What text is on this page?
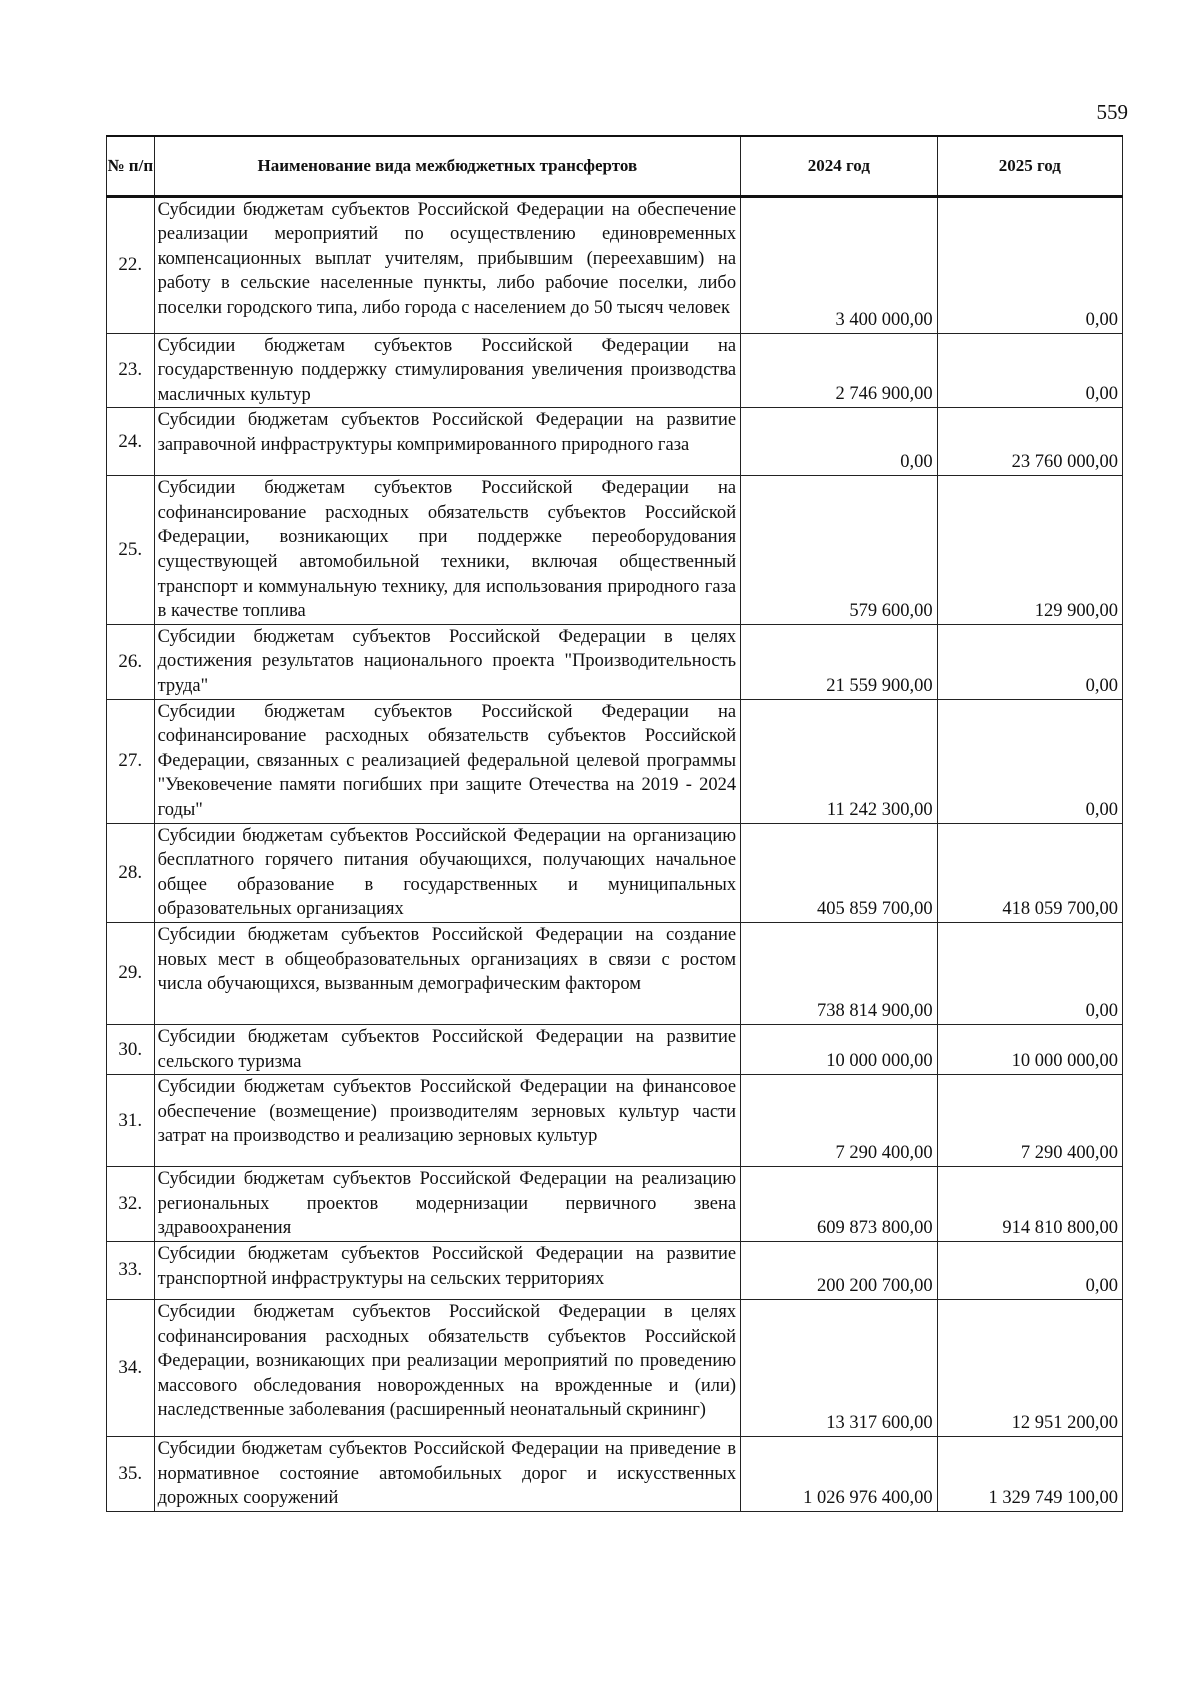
559
№ п/п	Наименование вида межбюджетных трансфертов	2024 год	2025 год
22.	Субсидии бюджетам субъектов Российской Федерации на обеспечение реализации мероприятий по осуществлению единовременных компенсационных выплат учителям, прибывшим (переехавшим) на работу в сельские населенные пункты, либо рабочие поселки, либо поселки городского типа, либо города с населением до 50 тысяч человек	3 400 000,00	0,00
23.	Субсидии бюджетам субъектов Российской Федерации на государственную поддержку стимулирования увеличения производства масличных культур	2 746 900,00	0,00
24.	Субсидии бюджетам субъектов Российской Федерации на развитие заправочной инфраструктуры компримированного природного газа	0,00	23 760 000,00
25.	Субсидии бюджетам субъектов Российской Федерации на софинансирование расходных обязательств субъектов Российской Федерации, возникающих при поддержке переоборудования существующей автомобильной техники, включая общественный транспорт и коммунальную технику, для использования природного газа в качестве топлива	579 600,00	129 900,00
26.	Субсидии бюджетам субъектов Российской Федерации в целях достижения результатов национального проекта "Производительность труда"	21 559 900,00	0,00
27.	Субсидии бюджетам субъектов Российской Федерации на софинансирование расходных обязательств субъектов Российской Федерации, связанных с реализацией федеральной целевой программы "Увековечение памяти погибших при защите Отечества на 2019 - 2024 годы"	11 242 300,00	0,00
28.	Субсидии бюджетам субъектов Российской Федерации на организацию бесплатного горячего питания обучающихся, получающих начальное общее образование в государственных и муниципальных образовательных организациях	405 859 700,00	418 059 700,00
29.	Субсидии бюджетам субъектов Российской Федерации на создание новых мест в общеобразовательных организациях в связи с ростом числа обучающихся, вызванным демографическим фактором	738 814 900,00	0,00
30.	Субсидии бюджетам субъектов Российской Федерации на развитие сельского туризма	10 000 000,00	10 000 000,00
31.	Субсидии бюджетам субъектов Российской Федерации на финансовое обеспечение (возмещение) производителям зерновых культур части затрат на производство и реализацию зерновых культур	7 290 400,00	7 290 400,00
32.	Субсидии бюджетам субъектов Российской Федерации на реализацию региональных проектов модернизации первичного звена здравоохранения	609 873 800,00	914 810 800,00
33.	Субсидии бюджетам субъектов Российской Федерации на развитие транспортной инфраструктуры на сельских территориях	200 200 700,00	0,00
34.	Субсидии бюджетам субъектов Российской Федерации в целях софинансирования расходных обязательств субъектов Российской Федерации, возникающих при реализации мероприятий по проведению массового обследования новорожденных на врожденные и (или) наследственные заболевания (расширенный неонатальный скрининг)	13 317 600,00	12 951 200,00
35.	Субсидии бюджетам субъектов Российской Федерации на приведение в нормативное состояние автомобильных дорог и искусственных дорожных сооружений	1 026 976 400,00	1 329 749 100,00
